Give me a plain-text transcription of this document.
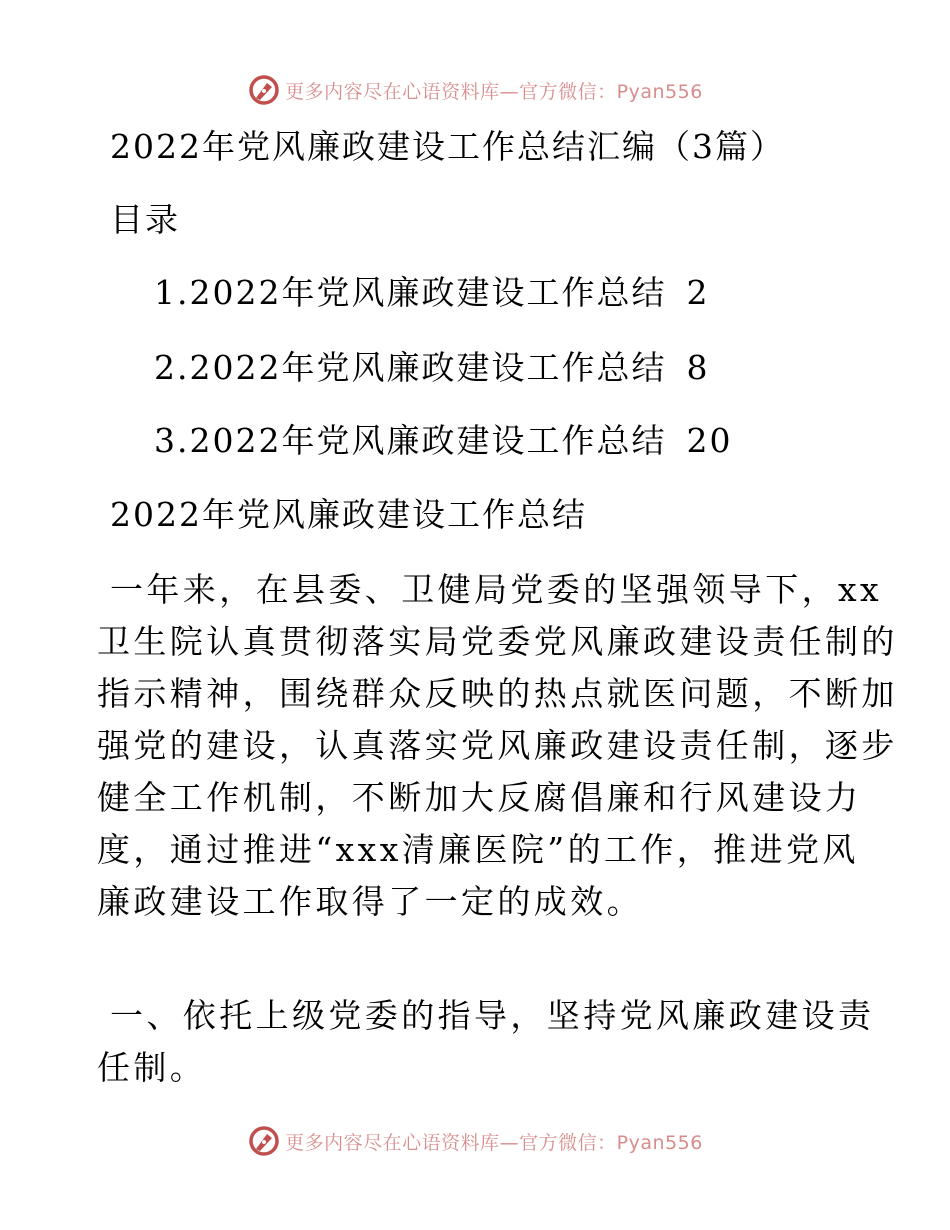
更多内容尽在心语资料库—官方微信：Pyan556
2022年党风廉政建设工作总结汇编（3篇）
目录
1.2022年党风廉政建设工作总结 2
2.2022年党风廉政建设工作总结 8
3.2022年党风廉政建设工作总结 20
2022年党风廉政建设工作总结
一年来，在县委、卫健局党委的坚强领导下，xx
卫生院认真贯彻落实局党委党风廉政建设责任制的
指示精神，围绕群众反映的热点就医问题，不断加
强党的建设，认真落实党风廉政建设责任制，逐步
健全工作机制，不断加大反腐倡廉和行风建设力
度，通过推进“xxx清廉医院”的工作，推进党风
廉政建设工作取得了一定的成效。
一、依托上级党委的指导，坚持党风廉政建设责
任制。
更多内容尽在心语资料库—官方微信：Pyan556
